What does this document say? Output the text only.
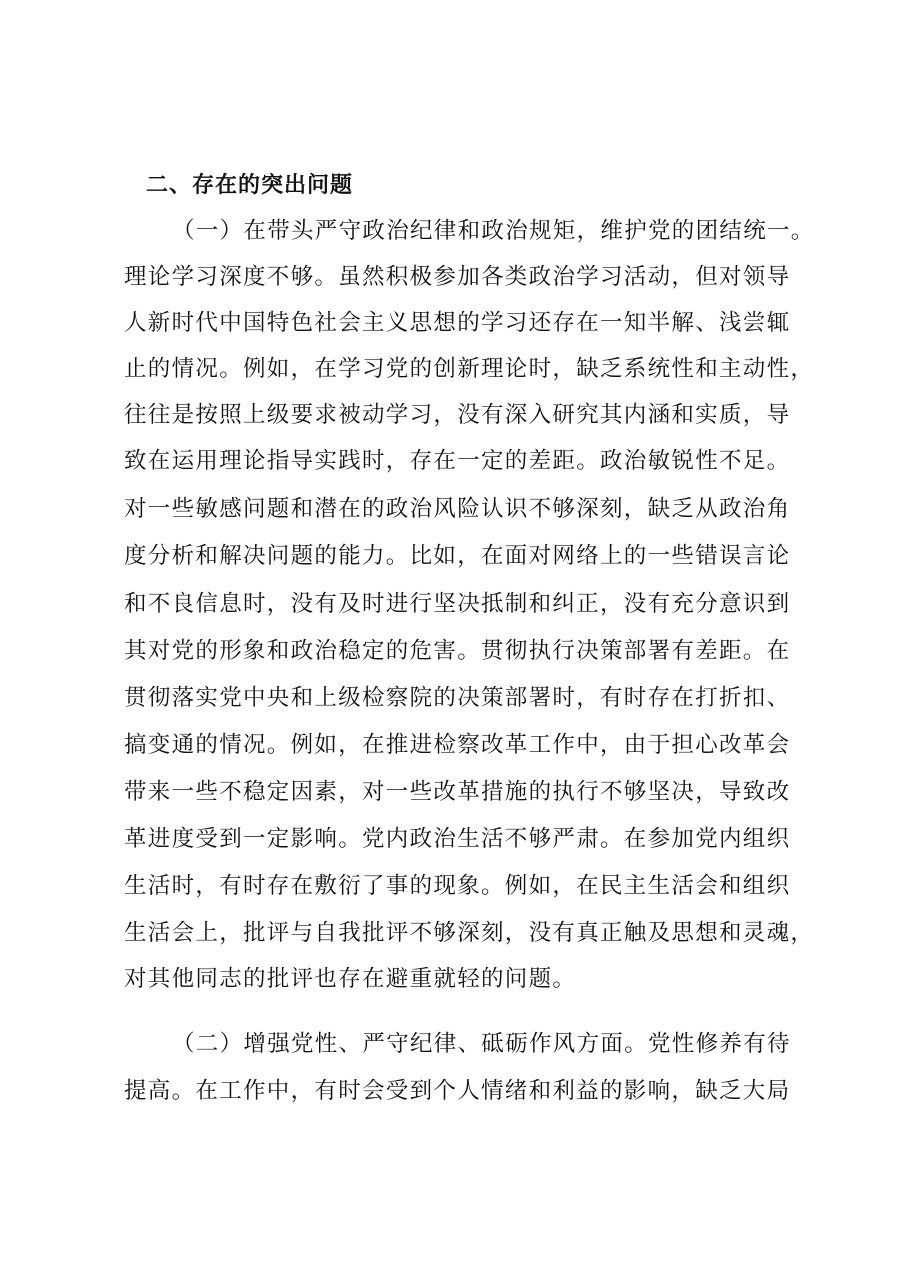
二、存在的突出问题
（一）在带头严守政治纪律和政治规矩，维护党的团结统一。
理论学习深度不够。虽然积极参加各类政治学习活动，但对领导
人新时代中国特色社会主义思想的学习还存在一知半解、浅尝辄
止的情况。例如，在学习党的创新理论时，缺乏系统性和主动性，
往往是按照上级要求被动学习，没有深入研究其内涵和实质，导
致在运用理论指导实践时，存在一定的差距。政治敏锐性不足。
对一些敏感问题和潜在的政治风险认识不够深刻，缺乏从政治角
度分析和解决问题的能力。比如，在面对网络上的一些错误言论
和不良信息时，没有及时进行坚决抵制和纠正，没有充分意识到
其对党的形象和政治稳定的危害。贯彻执行决策部署有差距。在
贯彻落实党中央和上级检察院的决策部署时，有时存在打折扣、
搞变通的情况。例如，在推进检察改革工作中，由于担心改革会
带来一些不稳定因素，对一些改革措施的执行不够坚决，导致改
革进度受到一定影响。党内政治生活不够严肃。在参加党内组织
生活时，有时存在敷衍了事的现象。例如，在民主生活会和组织
生活会上，批评与自我批评不够深刻，没有真正触及思想和灵魂，
对其他同志的批评也存在避重就轻的问题。
（二）增强党性、严守纪律、砥砺作风方面。党性修养有待
提高。在工作中，有时会受到个人情绪和利益的影响，缺乏大局
